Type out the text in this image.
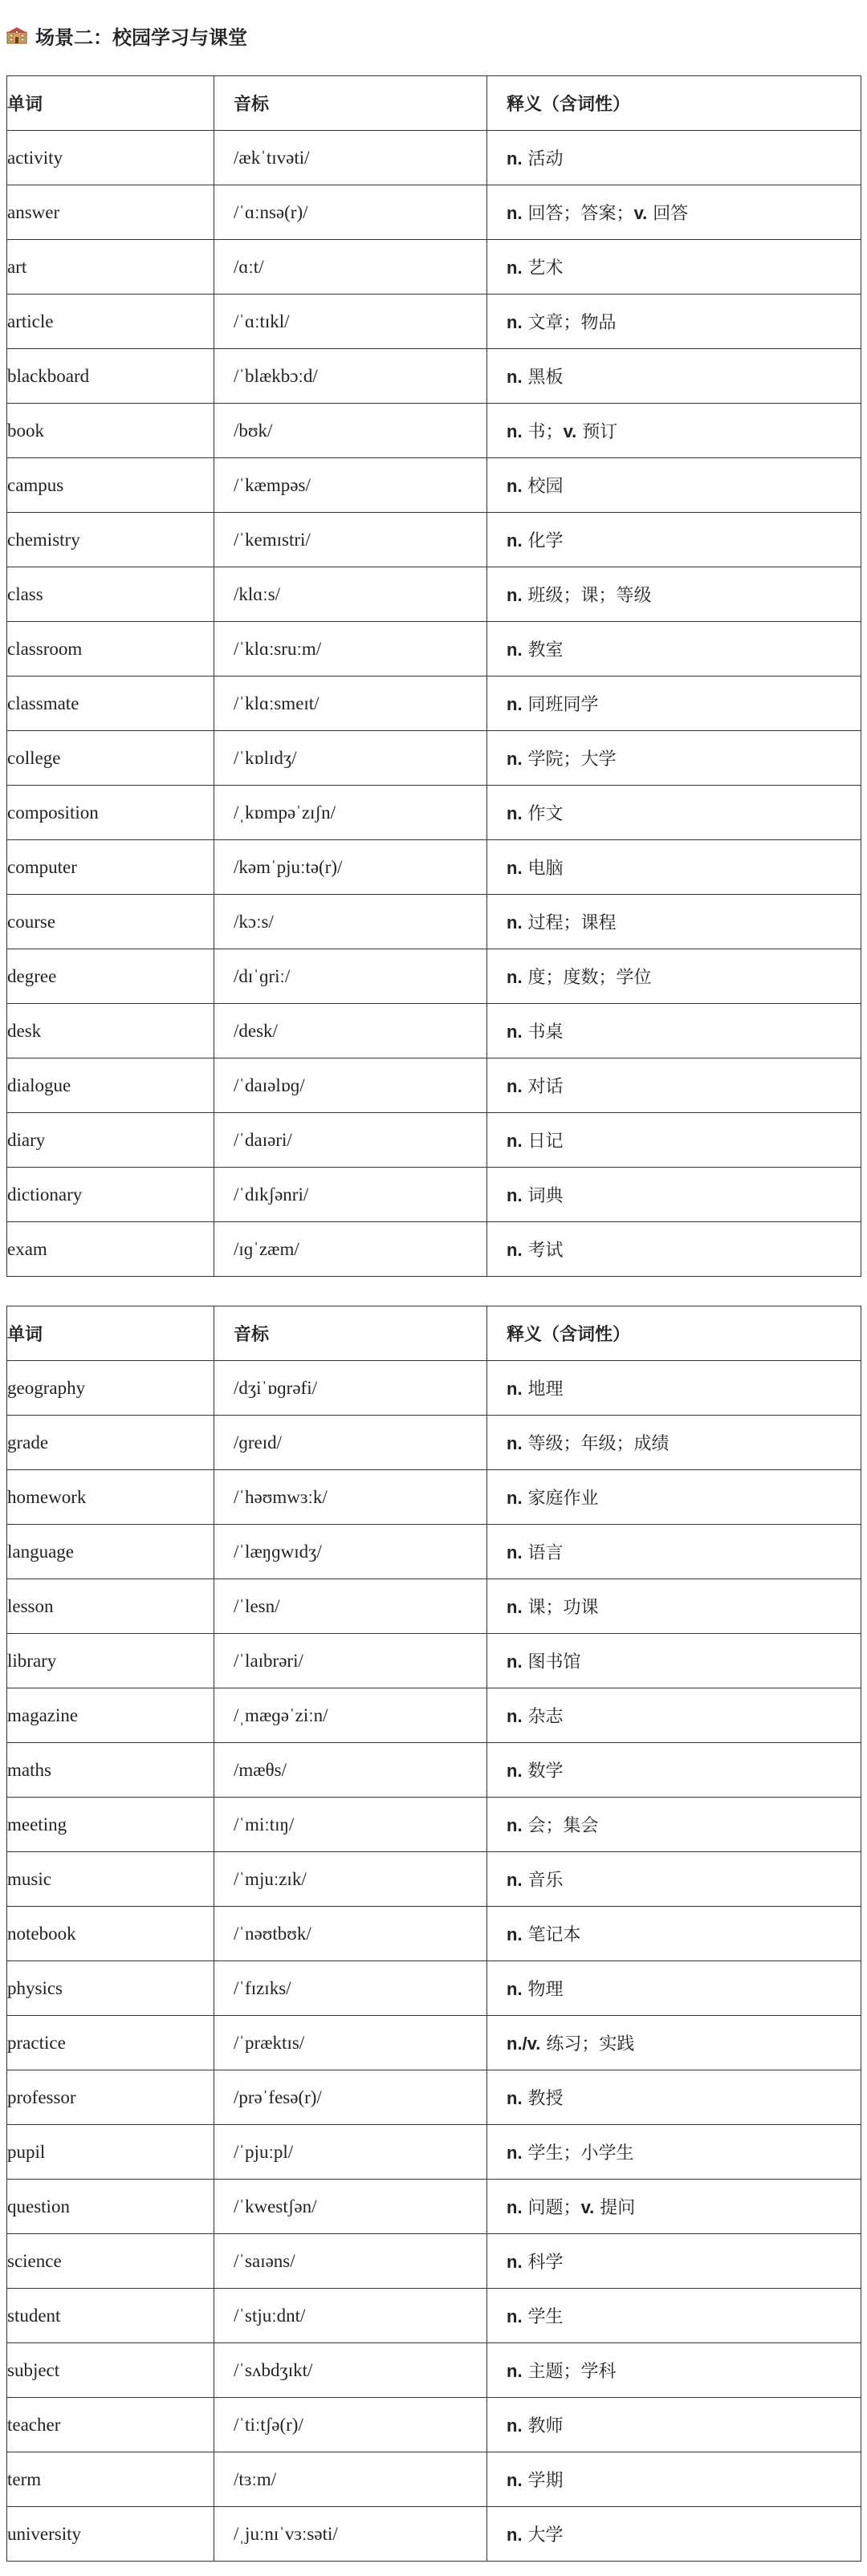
场景二：校园学习与课堂
单词	音标	释义（含词性）
activity	/ækˈtɪvəti/	n. 活动
answer	/ˈɑːnsə(r)/	n. 回答；答案；v. 回答
art	/ɑːt/	n. 艺术
article	/ˈɑːtɪkl/	n. 文章；物品
blackboard	/ˈblækbɔːd/	n. 黑板
book	/bʊk/	n. 书；v. 预订
campus	/ˈkæmpəs/	n. 校园
chemistry	/ˈkemɪstri/	n. 化学
class	/klɑːs/	n. 班级；课；等级
classroom	/ˈklɑːsruːm/	n. 教室
classmate	/ˈklɑːsmeɪt/	n. 同班同学
college	/ˈkɒlɪdʒ/	n. 学院；大学
composition	/ˌkɒmpəˈzɪʃn/	n. 作文
computer	/kəmˈpjuːtə(r)/	n. 电脑
course	/kɔːs/	n. 过程；课程
degree	/dɪˈɡriː/	n. 度；度数；学位
desk	/desk/	n. 书桌
dialogue	/ˈdaɪəlɒɡ/	n. 对话
diary	/ˈdaɪəri/	n. 日记
dictionary	/ˈdɪkʃənri/	n. 词典
exam	/ɪɡˈzæm/	n. 考试
单词	音标	释义（含词性）
geography	/dʒiˈɒɡrəfi/	n. 地理
grade	/ɡreɪd/	n. 等级；年级；成绩
homework	/ˈhəʊmwɜːk/	n. 家庭作业
language	/ˈlæŋɡwɪdʒ/	n. 语言
lesson	/ˈlesn/	n. 课；功课
library	/ˈlaɪbrəri/	n. 图书馆
magazine	/ˌmæɡəˈziːn/	n. 杂志
maths	/mæθs/	n. 数学
meeting	/ˈmiːtɪŋ/	n. 会；集会
music	/ˈmjuːzɪk/	n. 音乐
notebook	/ˈnəʊtbʊk/	n. 笔记本
physics	/ˈfɪzɪks/	n. 物理
practice	/ˈpræktɪs/	n./v. 练习；实践
professor	/prəˈfesə(r)/	n. 教授
pupil	/ˈpjuːpl/	n. 学生；小学生
question	/ˈkwestʃən/	n. 问题；v. 提问
science	/ˈsaɪəns/	n. 科学
student	/ˈstjuːdnt/	n. 学生
subject	/ˈsʌbdʒɪkt/	n. 主题；学科
teacher	/ˈtiːtʃə(r)/	n. 教师
term	/tɜːm/	n. 学期
university	/ˌjuːnɪˈvɜːsəti/	n. 大学
